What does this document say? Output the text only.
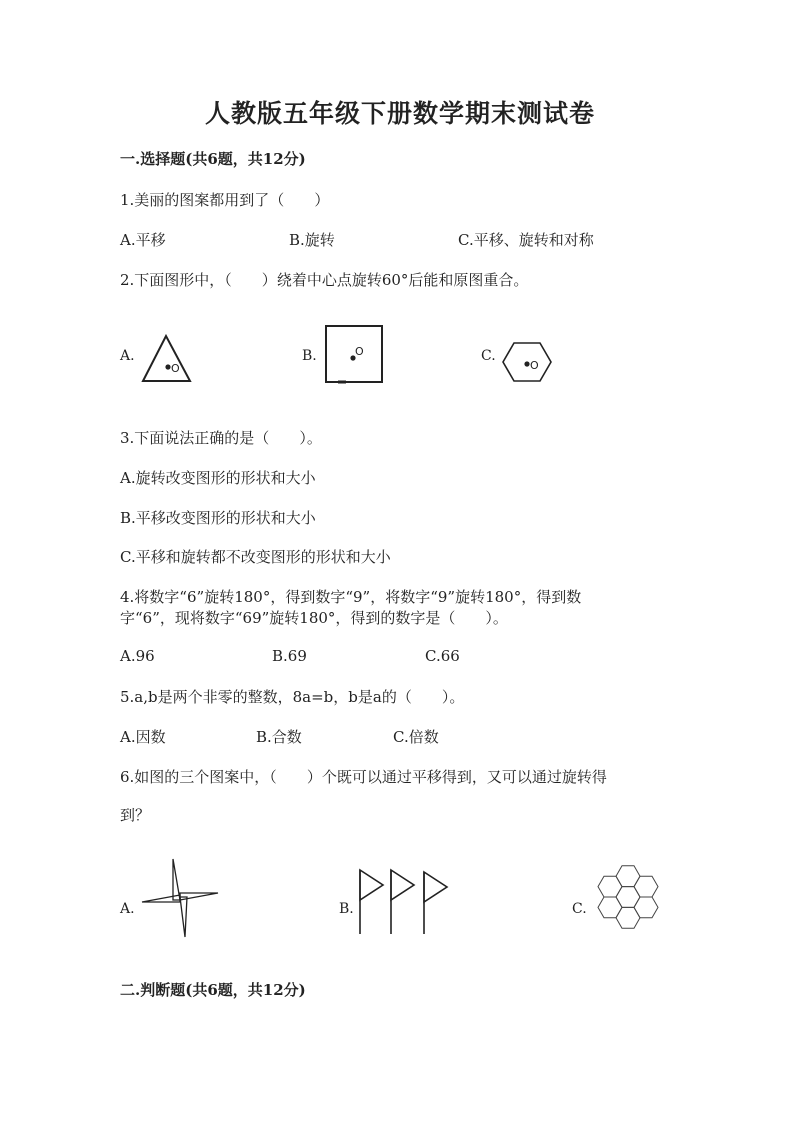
人教版五年级下册数学期末测试卷
一.选择题(共6题，共12分)
1.美丽的图案都用到了（　　）
A.平移	B.旋转	C.平移、旋转和对称
2.下面图形中，（　　）绕着中心点旋转60°后能和原图重合。
A.
O
B.	O	C.
O
3.下面说法正确的是（　　）。
A.旋转改变图形的形状和大小
B.平移改变图形的形状和大小
C.平移和旋转都不改变图形的形状和大小
4.将数字“6”旋转180°，得到数字“9”，将数字“9”旋转180°，得到数
字“6”，现将数字“69”旋转180°，得到的数字是（　　）。
A.96	B.69	C.66
5.a,b是两个非零的整数，8a=b，b是a的（　　）。
A.因数	B.合数	C.倍数
6.如图的三个图案中，（　　）个既可以通过平移得到，又可以通过旋转得
到？
A.	B.	C.
二.判断题(共6题，共12分)
